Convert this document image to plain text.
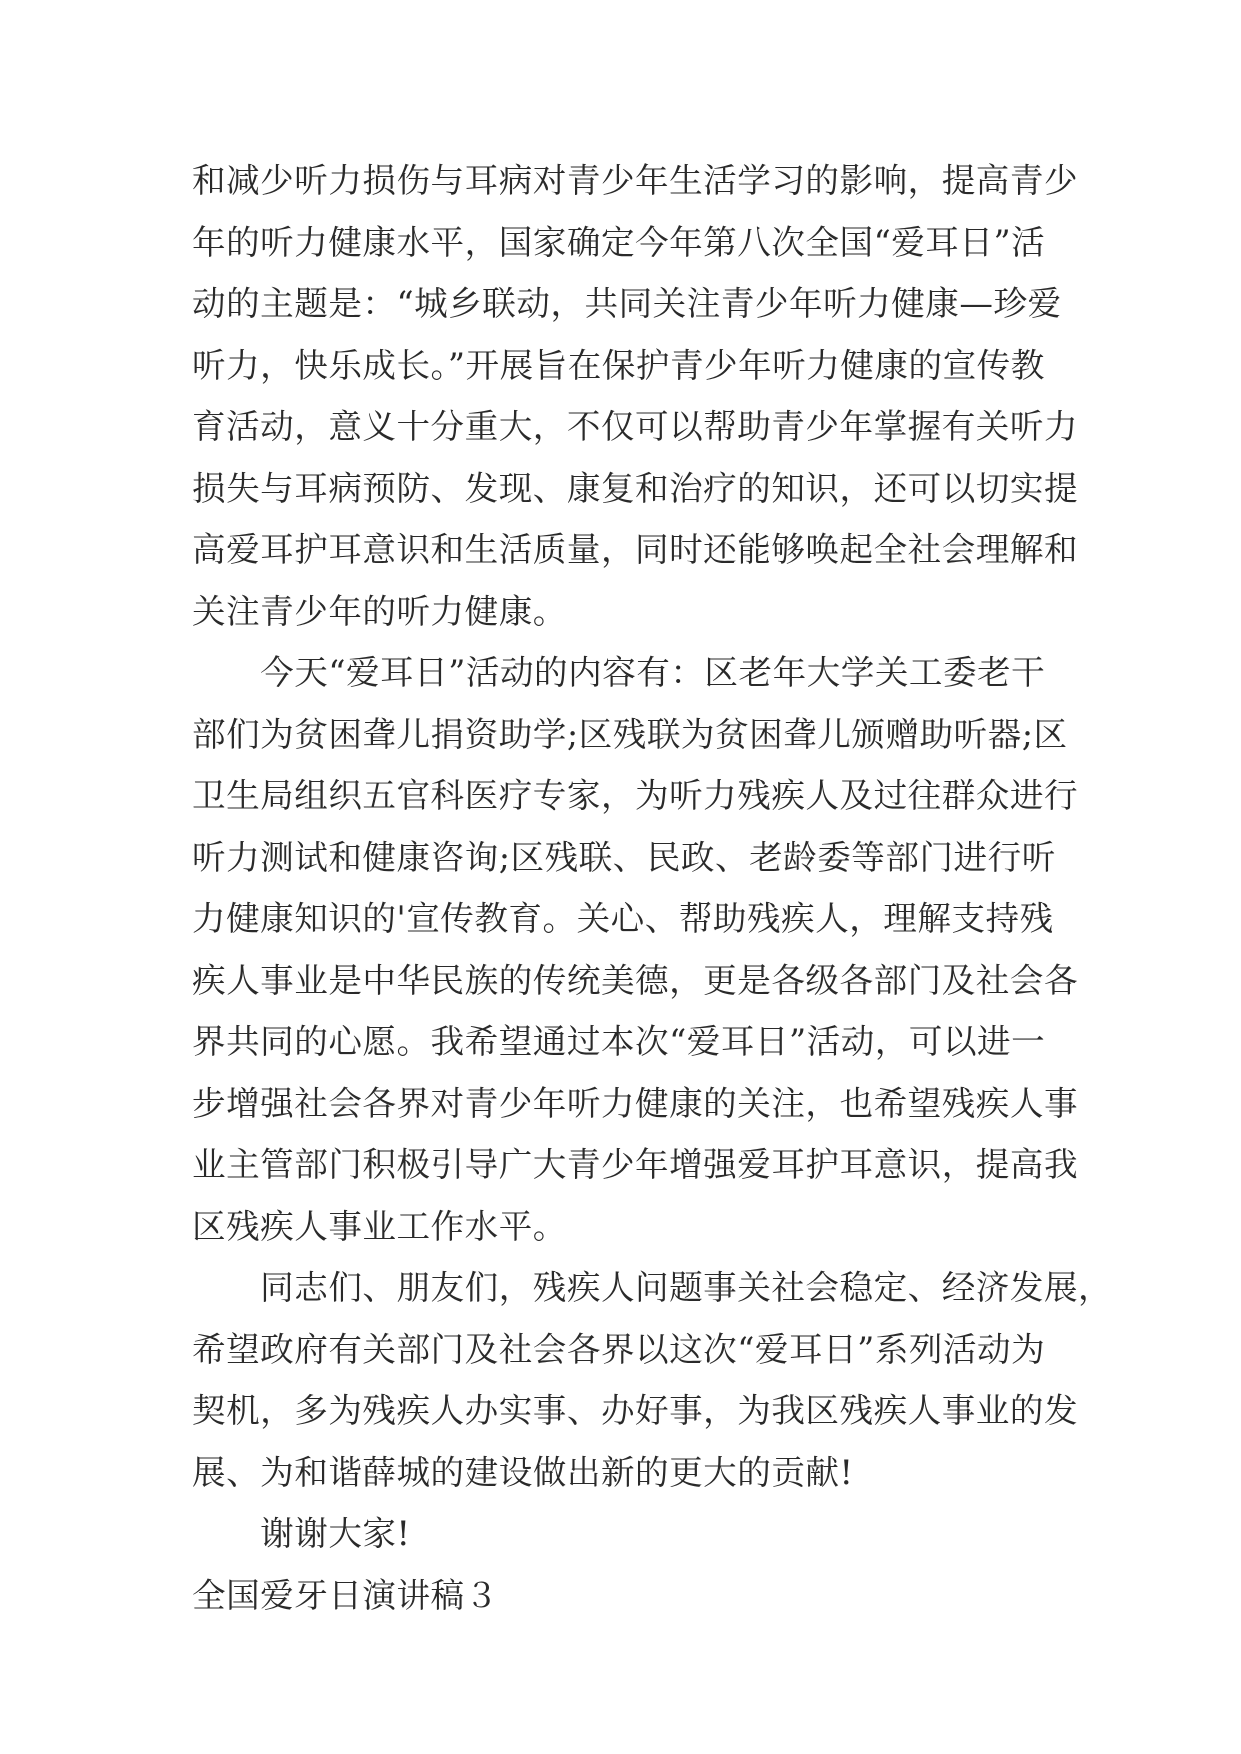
和减少听力损伤与耳病对青少年生活学习的影响，提高青少
年的听力健康水平，国家确定今年第八次全国“爱耳日”活
动的主题是：“城乡联动，共同关注青少年听力健康—珍爱
听力，快乐成长。”开展旨在保护青少年听力健康的宣传教
育活动，意义十分重大，不仅可以帮助青少年掌握有关听力
损失与耳病预防、发现、康复和治疗的知识，还可以切实提
高爱耳护耳意识和生活质量，同时还能够唤起全社会理解和
关注青少年的听力健康。
　　今天“爱耳日”活动的内容有：区老年大学关工委老干
部们为贫困聋儿捐资助学;区残联为贫困聋儿颁赠助听器;区
卫生局组织五官科医疗专家，为听力残疾人及过往群众进行
听力测试和健康咨询;区残联、民政、老龄委等部门进行听
力健康知识的'宣传教育。关心、帮助残疾人，理解支持残
疾人事业是中华民族的传统美德，更是各级各部门及社会各
界共同的心愿。我希望通过本次“爱耳日”活动，可以进一
步增强社会各界对青少年听力健康的关注，也希望残疾人事
业主管部门积极引导广大青少年增强爱耳护耳意识，提高我
区残疾人事业工作水平。
　　同志们、朋友们，残疾人问题事关社会稳定、经济发展，
希望政府有关部门及社会各界以这次“爱耳日”系列活动为
契机，多为残疾人办实事、办好事，为我区残疾人事业的发
展、为和谐薛城的建设做出新的更大的贡献!
　　谢谢大家!
全国爱牙日演讲稿３
